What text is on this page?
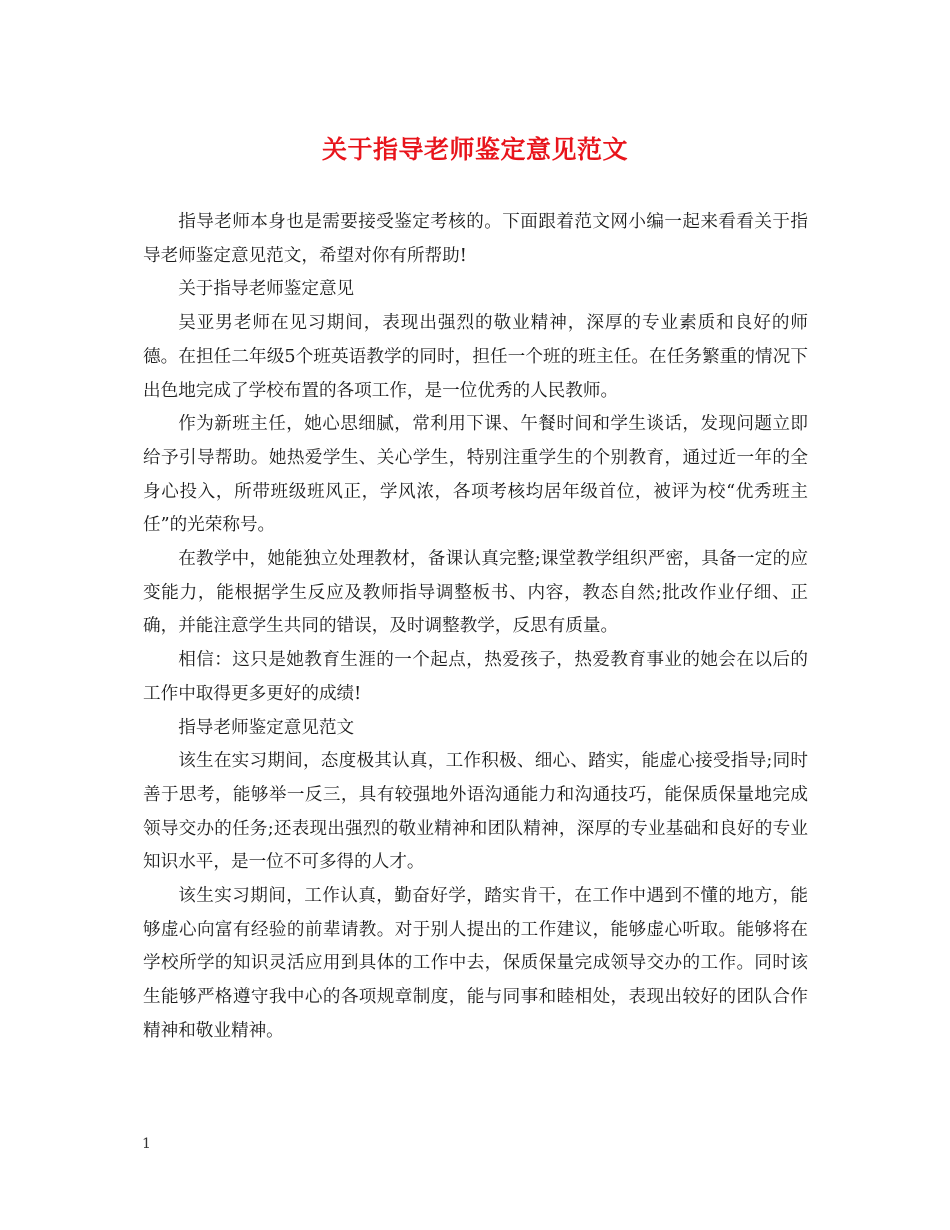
关于指导老师鉴定意见范文

指导老师本身也是需要接受鉴定考核的。下面跟着范文网小编一起来看看关于指导老师鉴定意见范文，希望对你有所帮助!

关于指导老师鉴定意见

吴亚男老师在见习期间，表现出强烈的敬业精神，深厚的专业素质和良好的师德。在担任二年级5个班英语教学的同时，担任一个班的班主任。在任务繁重的情况下出色地完成了学校布置的各项工作，是一位优秀的人民教师。

作为新班主任，她心思细腻，常利用下课、午餐时间和学生谈话，发现问题立即给予引导帮助。她热爱学生、关心学生，特别注重学生的个别教育，通过近一年的全身心投入，所带班级班风正，学风浓，各项考核均居年级首位，被评为校“优秀班主任”的光荣称号。

在教学中，她能独立处理教材，备课认真完整;课堂教学组织严密，具备一定的应变能力，能根据学生反应及教师指导调整板书、内容，教态自然;批改作业仔细、正确，并能注意学生共同的错误，及时调整教学，反思有质量。

相信：这只是她教育生涯的一个起点，热爱孩子，热爱教育事业的她会在以后的工作中取得更多更好的成绩!

指导老师鉴定意见范文

该生在实习期间，态度极其认真，工作积极、细心、踏实，能虚心接受指导;同时善于思考，能够举一反三，具有较强地外语沟通能力和沟通技巧，能保质保量地完成领导交办的任务;还表现出强烈的敬业精神和团队精神，深厚的专业基础和良好的专业知识水平，是一位不可多得的人才。

该生实习期间，工作认真，勤奋好学，踏实肯干，在工作中遇到不懂的地方，能够虚心向富有经验的前辈请教。对于别人提出的工作建议，能够虚心听取。能够将在学校所学的知识灵活应用到具体的工作中去，保质保量完成领导交办的工作。同时该生能够严格遵守我中心的各项规章制度，能与同事和睦相处，表现出较好的团队合作精神和敬业精神。

1
